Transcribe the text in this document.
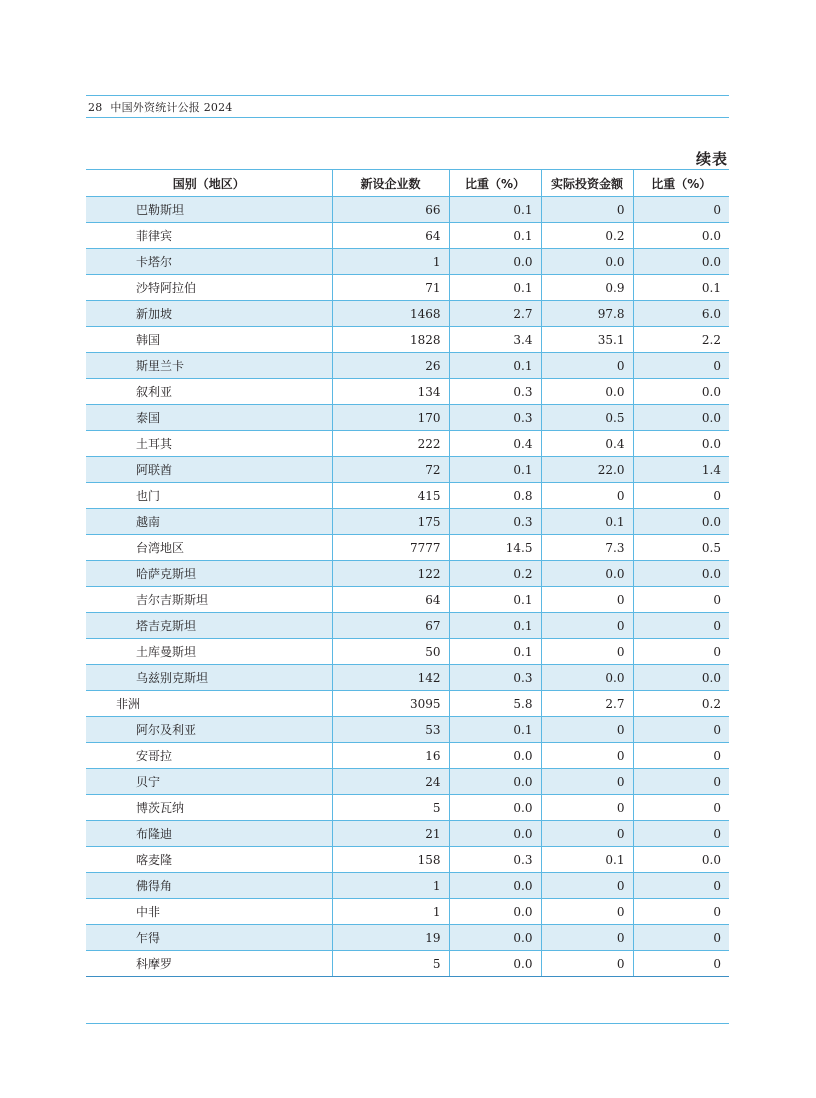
28 中国外资统计公报 2024
续表
国别（地区）	新设企业数	比重（%）	实际投资金额	比重（%）
巴勒斯坦	66	0.1	0	0
菲律宾	64	0.1	0.2	0.0
卡塔尔	1	0.0	0.0	0.0
沙特阿拉伯	71	0.1	0.9	0.1
新加坡	1468	2.7	97.8	6.0
韩国	1828	3.4	35.1	2.2
斯里兰卡	26	0.1	0	0
叙利亚	134	0.3	0.0	0.0
泰国	170	0.3	0.5	0.0
土耳其	222	0.4	0.4	0.0
阿联酋	72	0.1	22.0	1.4
也门	415	0.8	0	0
越南	175	0.3	0.1	0.0
台湾地区	7777	14.5	7.3	0.5
哈萨克斯坦	122	0.2	0.0	0.0
吉尔吉斯斯坦	64	0.1	0	0
塔吉克斯坦	67	0.1	0	0
土库曼斯坦	50	0.1	0	0
乌兹别克斯坦	142	0.3	0.0	0.0
非洲	3095	5.8	2.7	0.2
阿尔及利亚	53	0.1	0	0
安哥拉	16	0.0	0	0
贝宁	24	0.0	0	0
博茨瓦纳	5	0.0	0	0
布隆迪	21	0.0	0	0
喀麦隆	158	0.3	0.1	0.0
佛得角	1	0.0	0	0
中非	1	0.0	0	0
乍得	19	0.0	0	0
科摩罗	5	0.0	0	0
